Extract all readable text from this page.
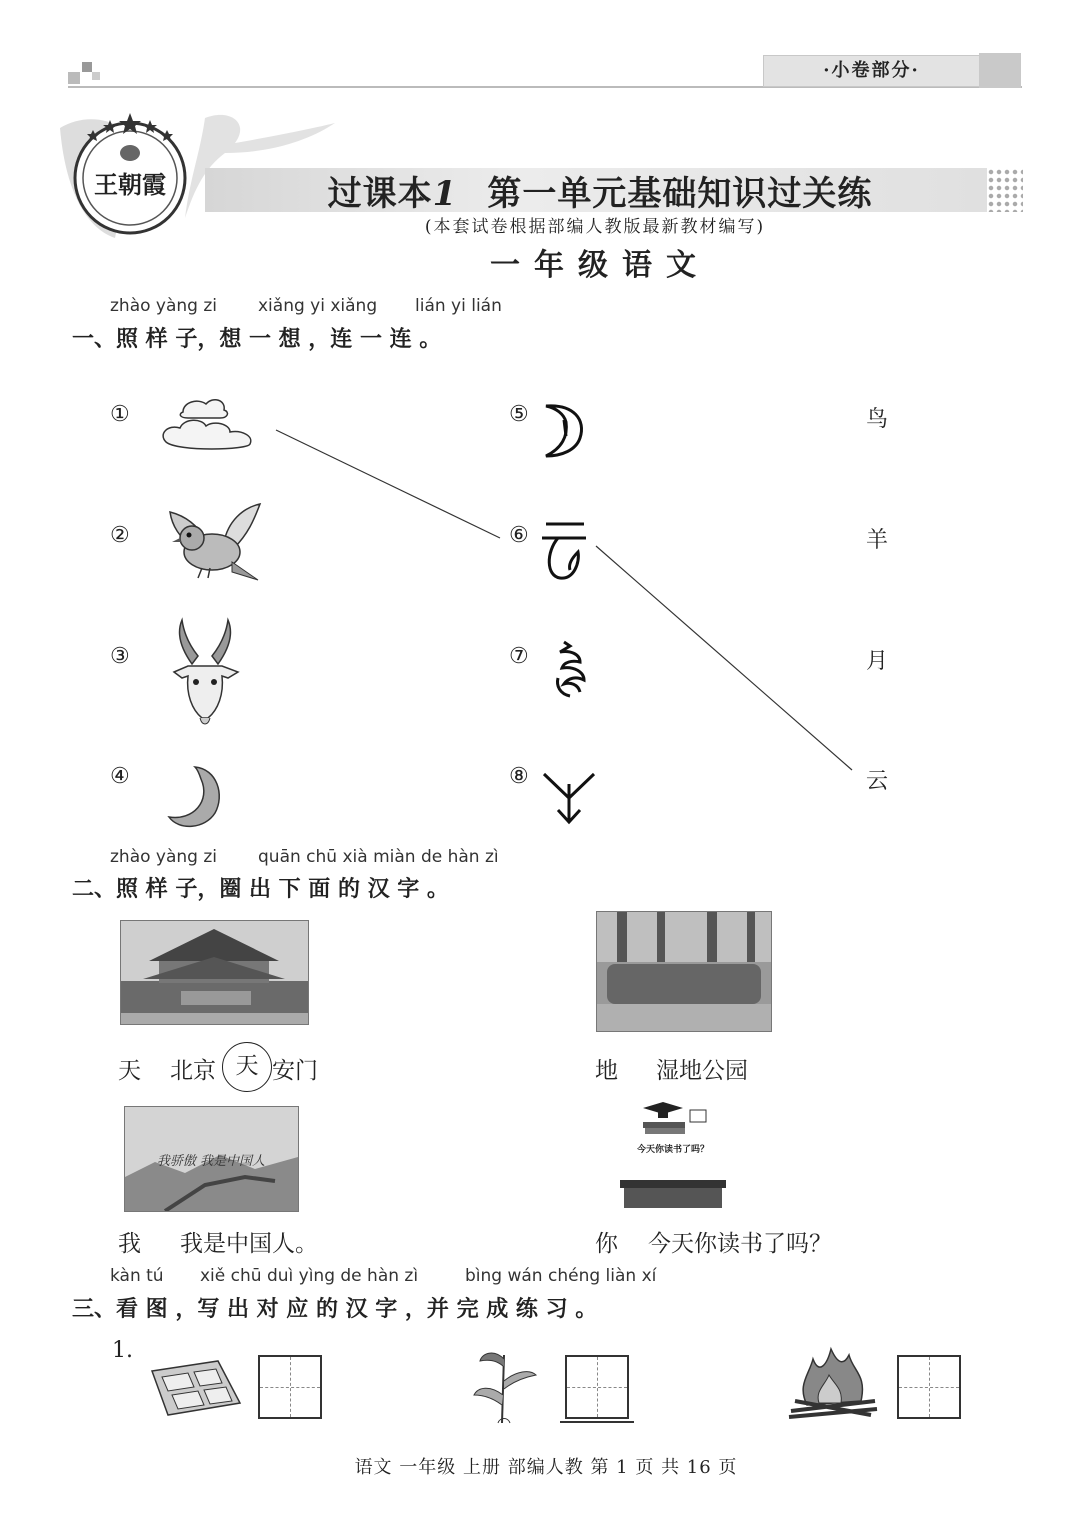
·小卷部分·
王朝霞	过课本1 第一单元基础知识过关练
(本套试卷根据部编人教版最新教材编写)
一年级语文
zhào yàng zi xiǎng yi xiǎng lián yi lián
一、照 样 子，想 一 想 ，连 一 连 。
①
②
③
④
⑤
⑥
⑦
⑧
鸟
羊
月
云
zhào yàng zi quān chū xià miàn de hàn zì
二、照 样 子，圈 出 下 面 的 汉 字 。
天 北京 天 安门	地 湿地公园
我骄傲 我是中国人
今天你读书了吗？
我 我是中国人。	你 今天你读书了吗？
kàn tú xiě chū duì yìng de hàn zì	bìng wán chéng liàn xí
三、看 图 ，写 出 对 应 的 汉 字 ，并 完 成 练 习 。
1.
语文 一年级 上册 部编人教 第 1 页 共 16 页
